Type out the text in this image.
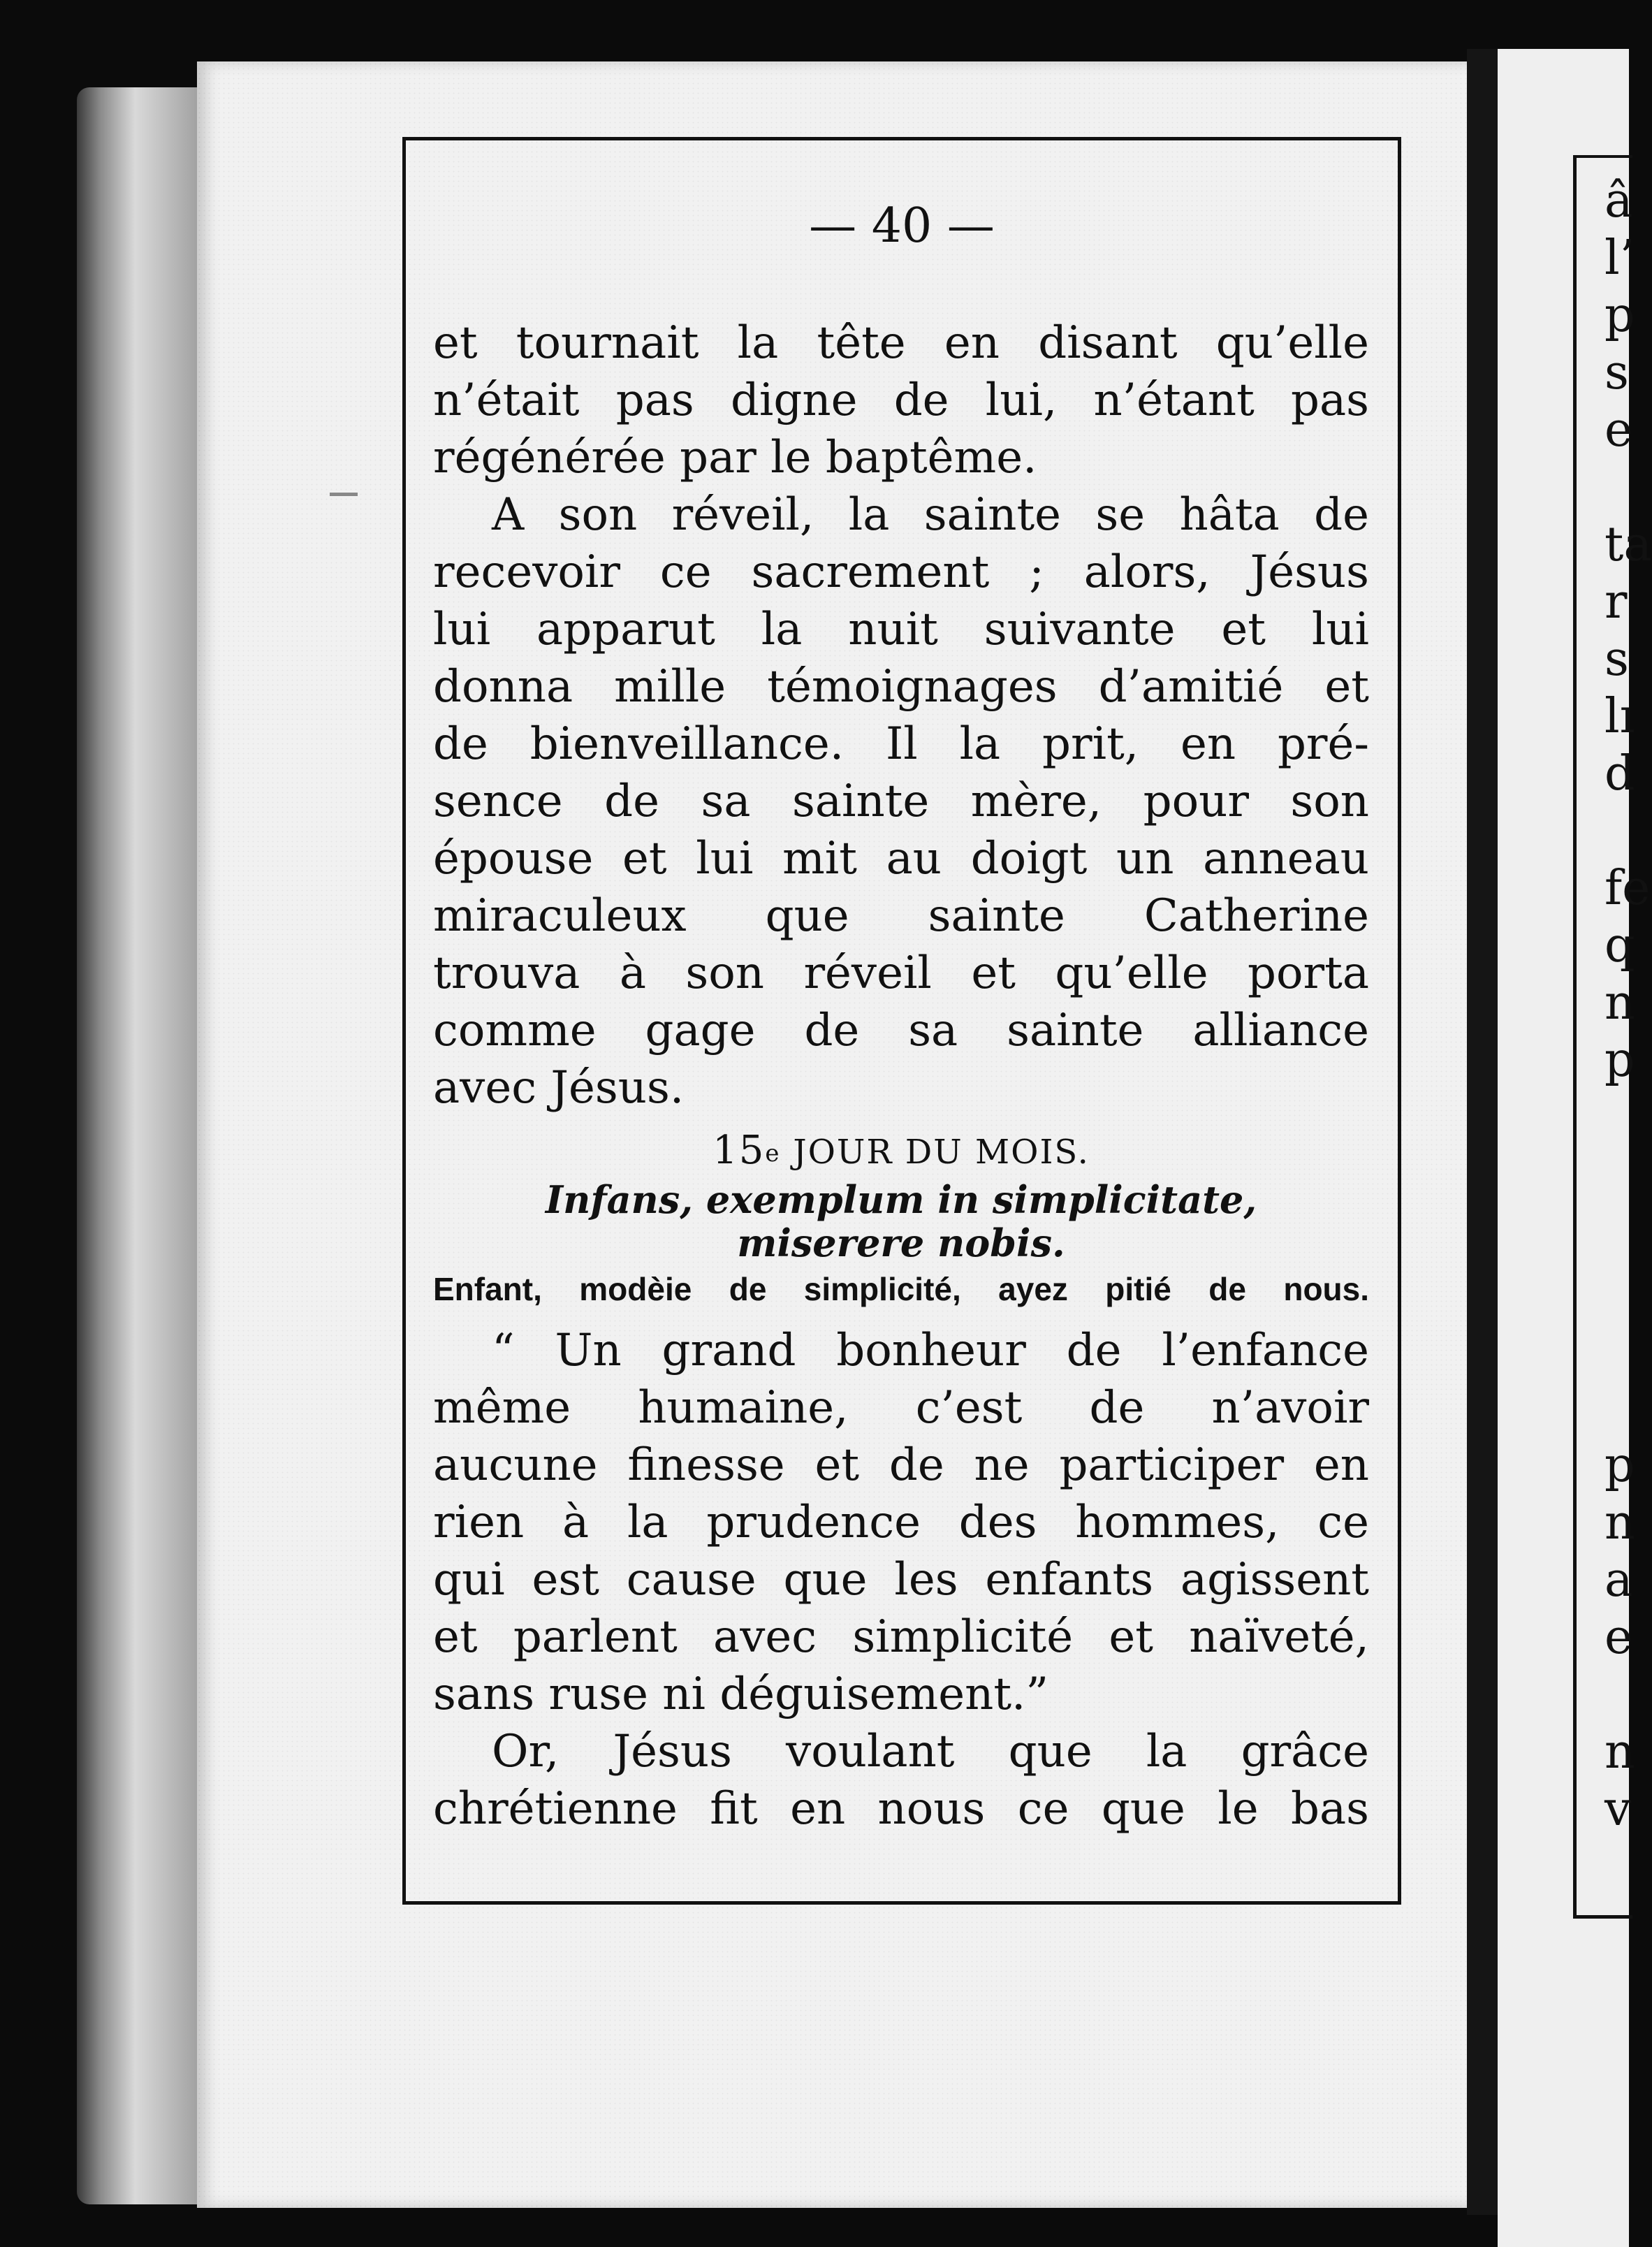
â
l’
p
s
e
ta
r
s
lı
d
fe
q
n
p
p
n
a
e
n
v
— 40 —

et tournait la tête en disant qu’elle
n’était pas digne de lui, n’étant pas
régénérée par le baptême.

A son réveil, la sainte se hâta de
recevoir ce sacrement ; alors, Jésus
lui apparut la nuit suivante et lui
donna mille témoignages d’amitié et
de bienveillance. Il la prit, en pré-
sence de sa sainte mère, pour son
épouse et lui mit au doigt un anneau
miraculeux que sainte Catherine
trouva à son réveil et qu’elle porta
comme gage de sa sainte alliance
avec Jésus.

15e JOUR DU MOIS.
Infans, exemplum in simplicitate,
miserere nobis.
Enfant, modèie de simplicité, ayez pitié de nous.

“ Un grand bonheur de l’enfance
même humaine, c’est de n’avoir
aucune finesse et de ne participer en
rien à la prudence des hommes, ce
qui est cause que les enfants agissent
et parlent avec simplicité et naïveté,
sans ruse ni déguisement.”

Or, Jésus voulant que la grâce
chrétienne fit en nous ce que le bas
